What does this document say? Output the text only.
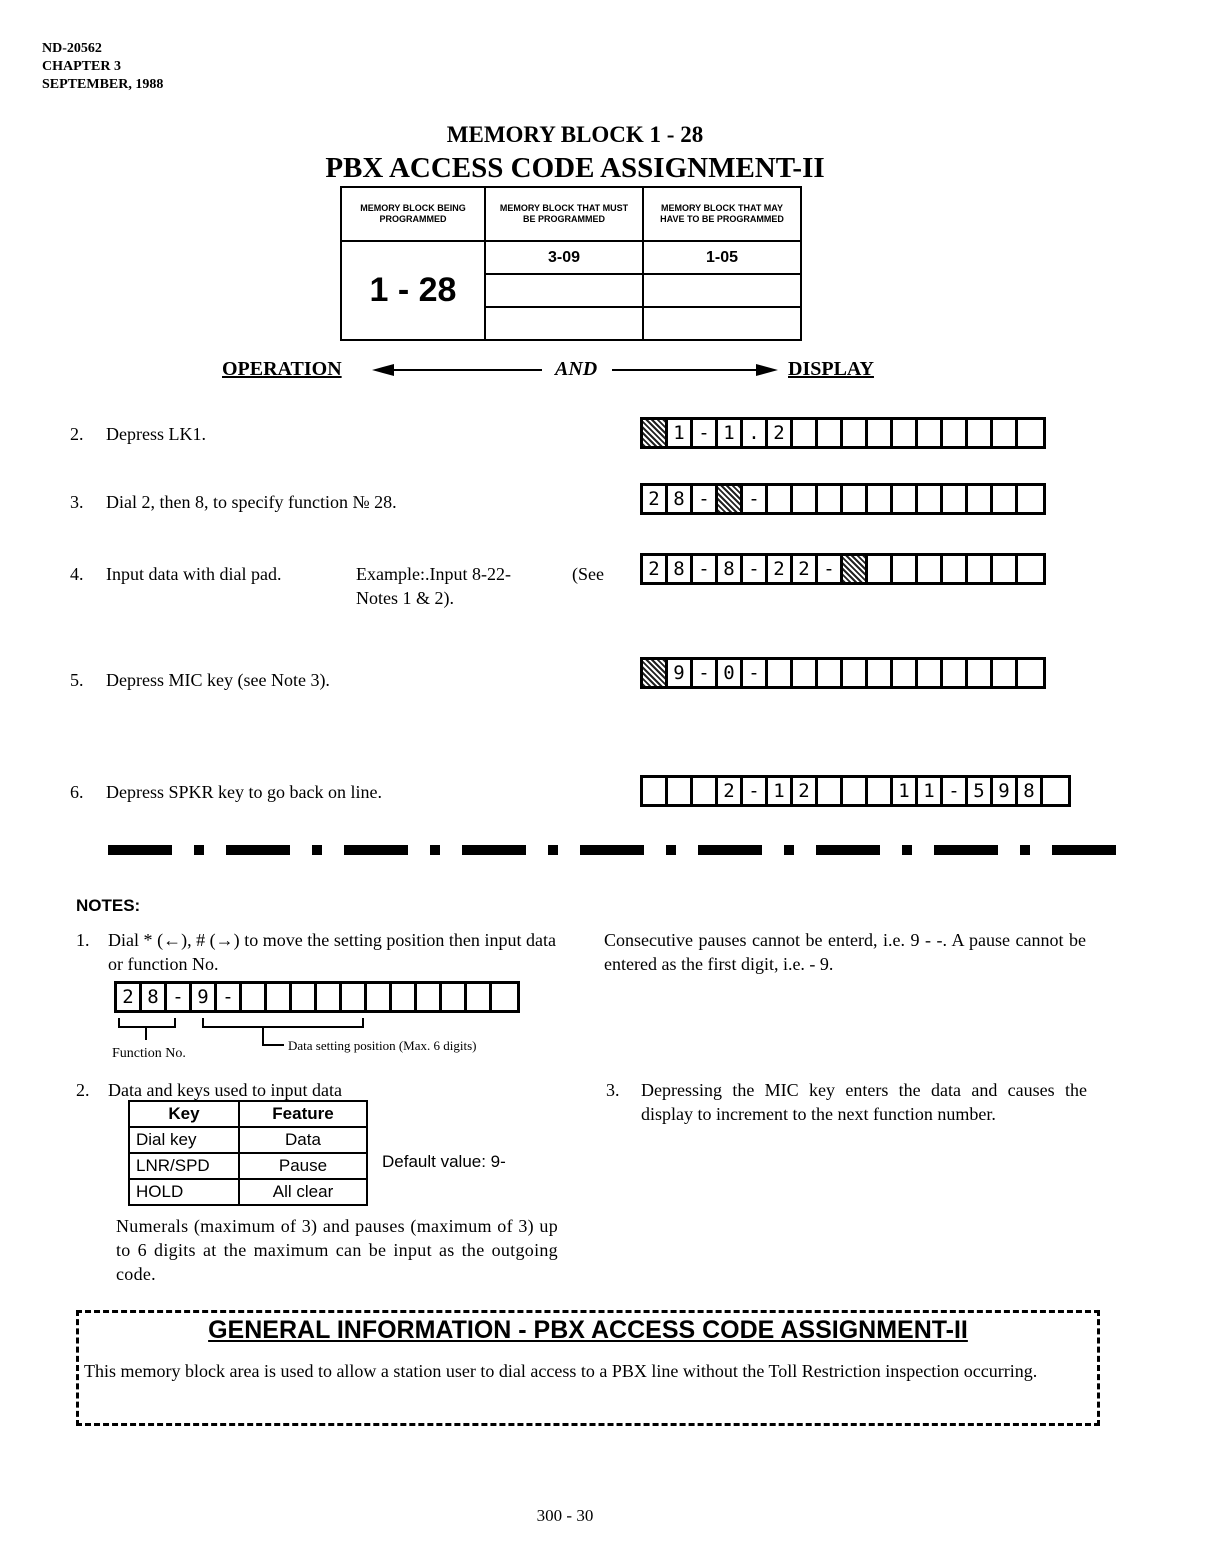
ND-20562
CHAPTER 3
SEPTEMBER, 1988
MEMORY BLOCK 1 - 28
PBX ACCESS CODE ASSIGNMENT-II
MEMORY BLOCK BEING PROGRAMMED	MEMORY BLOCK THAT MUST BE PROGRAMMED	MEMORY BLOCK THAT MAY HAVE TO BE PROGRAMMED

1 - 28	3-09	1-05

OPERATION	AND	DISPLAY
2. Depress LK1.	1 - 1 . 2
3. Dial 2, then 8, to specify function № 28.	2 8 -	-
4. Input data with dial pad.	Example:.Input 8-22-	(See
Notes 1 & 2).
2 8 - 8 - 2 2 -
5. Depress MIC key (see Note 3).	9 - 0 -
6. Depress SPKR key to go back on line.	2 - 1 2	1 1 - 5 9 8
NOTES:
1. Dial * (←), # (→) to move the setting position then input data or function No.
Consecutive pauses cannot be enterd, i.e. 9 - -. A pause cannot be entered as the first digit, i.e. - 9.
2 8 - 9 -
Function No.
Data setting position (Max. 6 digits)
2. Data and keys used to input data
Key	Feature
Dial key	Data
LNR/SPD	Pause
HOLD	All clear
Default value: 9-
Numerals (maximum of 3) and pauses (maximum of 3) up to 6 digits at the maximum can be input as the outgoing code.
3. Depressing the MIC key enters the data and causes the display to increment to the next function number.
GENERAL INFORMATION - PBX ACCESS CODE ASSIGNMENT-II
This memory block area is used to allow a station user to dial access to a PBX line without the Toll Restriction inspection occurring.
300 - 30
